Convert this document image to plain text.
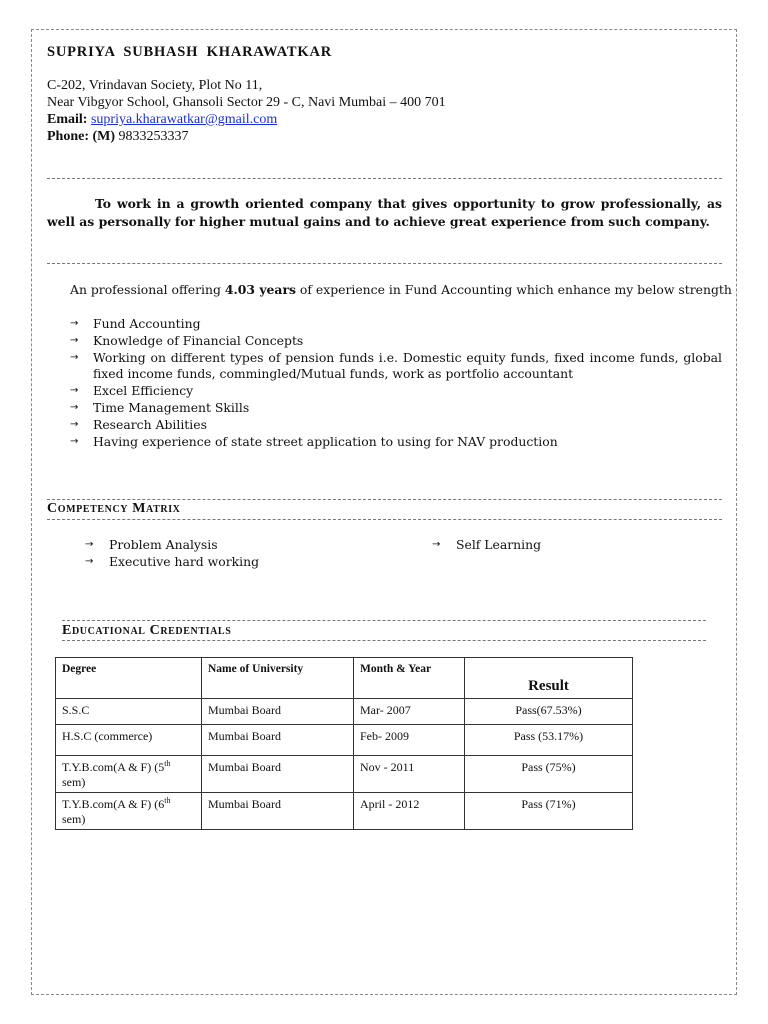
SUPRIYA SUBHASH KHARAWATKAR
C-202, Vrindavan Society, Plot No 11,
Near Vibgyor School, Ghansoli Sector 29 - C, Navi Mumbai – 400 701
Email: supriya.kharawatkar@gmail.com
Phone: (M) 9833253337
To work in a growth oriented company that gives opportunity to grow professionally, as well as personally for higher mutual gains and to achieve great experience from such company.
An professional offering 4.03 years of experience in Fund Accounting which enhance my below strength
→ Fund Accounting
→ Knowledge of Financial Concepts
→ Working on different types of pension funds i.e. Domestic equity funds, fixed income funds, global fixed income funds, commingled/Mutual funds, work as portfolio accountant
→ Excel Efficiency
→ Time Management Skills
→ Research Abilities
→ Having experience of state street application to using for NAV production
Competency Matrix
→ Problem Analysis
→ Executive hard working
→ Self Learning
Educational Credentials
Degree	Name of University	Month & Year	Result
S.S.C	Mumbai Board	Mar- 2007	Pass(67.53%)
H.S.C (commerce)	Mumbai Board	Feb- 2009	Pass (53.17%)
T.Y.B.com(A & F) (5th sem)	Mumbai Board	Nov - 2011	Pass (75%)
T.Y.B.com(A & F) (6th sem)	Mumbai Board	April - 2012	Pass (71%)
